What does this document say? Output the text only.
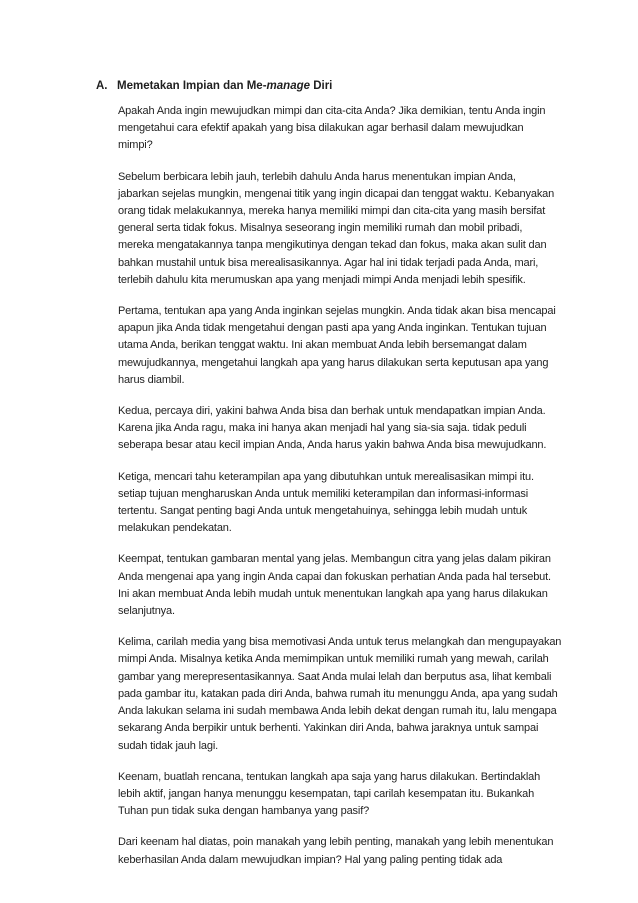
A. Memetakan Impian dan Me-manage Diri
Apakah Anda ingin mewujudkan mimpi dan cita-cita Anda? Jika demikian, tentu Anda ingin
mengetahui cara efektif apakah yang bisa dilakukan agar berhasil dalam mewujudkan
mimpi?
Sebelum berbicara lebih jauh, terlebih dahulu Anda harus menentukan impian Anda,
jabarkan sejelas mungkin, mengenai titik yang ingin dicapai dan tenggat waktu. Kebanyakan
orang tidak melakukannya, mereka hanya memiliki mimpi dan cita-cita yang masih bersifat
general serta tidak fokus. Misalnya seseorang ingin memiliki rumah dan mobil pribadi,
mereka mengatakannya tanpa mengikutinya dengan tekad dan fokus, maka akan sulit dan
bahkan mustahil untuk bisa merealisasikannya. Agar hal ini tidak terjadi pada Anda, mari,
terlebih dahulu kita merumuskan apa yang menjadi mimpi Anda menjadi lebih spesifik.
Pertama, tentukan apa yang Anda inginkan sejelas mungkin. Anda tidak akan bisa mencapai
apapun jika Anda tidak mengetahui dengan pasti apa yang Anda inginkan. Tentukan tujuan
utama Anda, berikan tenggat waktu. Ini akan membuat Anda lebih bersemangat dalam
mewujudkannya, mengetahui langkah apa yang harus dilakukan serta keputusan apa yang
harus diambil.
Kedua, percaya diri, yakini bahwa Anda bisa dan berhak untuk mendapatkan impian Anda.
Karena jika Anda ragu, maka ini hanya akan menjadi hal yang sia-sia saja. tidak peduli
seberapa besar atau kecil impian Anda, Anda harus yakin bahwa Anda bisa mewujudkann.
Ketiga, mencari tahu keterampilan apa yang dibutuhkan untuk merealisasikan mimpi itu.
setiap tujuan mengharuskan Anda untuk memiliki keterampilan dan informasi-informasi
tertentu. Sangat penting bagi Anda untuk mengetahuinya, sehingga lebih mudah untuk
melakukan pendekatan.
Keempat, tentukan gambaran mental yang jelas. Membangun citra yang jelas dalam pikiran
Anda mengenai apa yang ingin Anda capai dan fokuskan perhatian Anda pada hal tersebut.
Ini akan membuat Anda lebih mudah untuk menentukan langkah apa yang harus dilakukan
selanjutnya.
Kelima, carilah media yang bisa memotivasi Anda untuk terus melangkah dan mengupayakan
mimpi Anda. Misalnya ketika Anda memimpikan untuk memiliki rumah yang mewah, carilah
gambar yang merepresentasikannya. Saat Anda mulai lelah dan berputus asa, lihat kembali
pada gambar itu, katakan pada diri Anda, bahwa rumah itu menunggu Anda, apa yang sudah
Anda lakukan selama ini sudah membawa Anda lebih dekat dengan rumah itu, lalu mengapa
sekarang Anda berpikir untuk berhenti. Yakinkan diri Anda, bahwa jaraknya untuk sampai
sudah tidak jauh lagi.
Keenam, buatlah rencana, tentukan langkah apa saja yang harus dilakukan. Bertindaklah
lebih aktif, jangan hanya menunggu kesempatan, tapi carilah kesempatan itu. Bukankah
Tuhan pun tidak suka dengan hambanya yang pasif?
Dari keenam hal diatas, poin manakah yang lebih penting, manakah yang lebih menentukan
keberhasilan Anda dalam mewujudkan impian? Hal yang paling penting tidak ada
